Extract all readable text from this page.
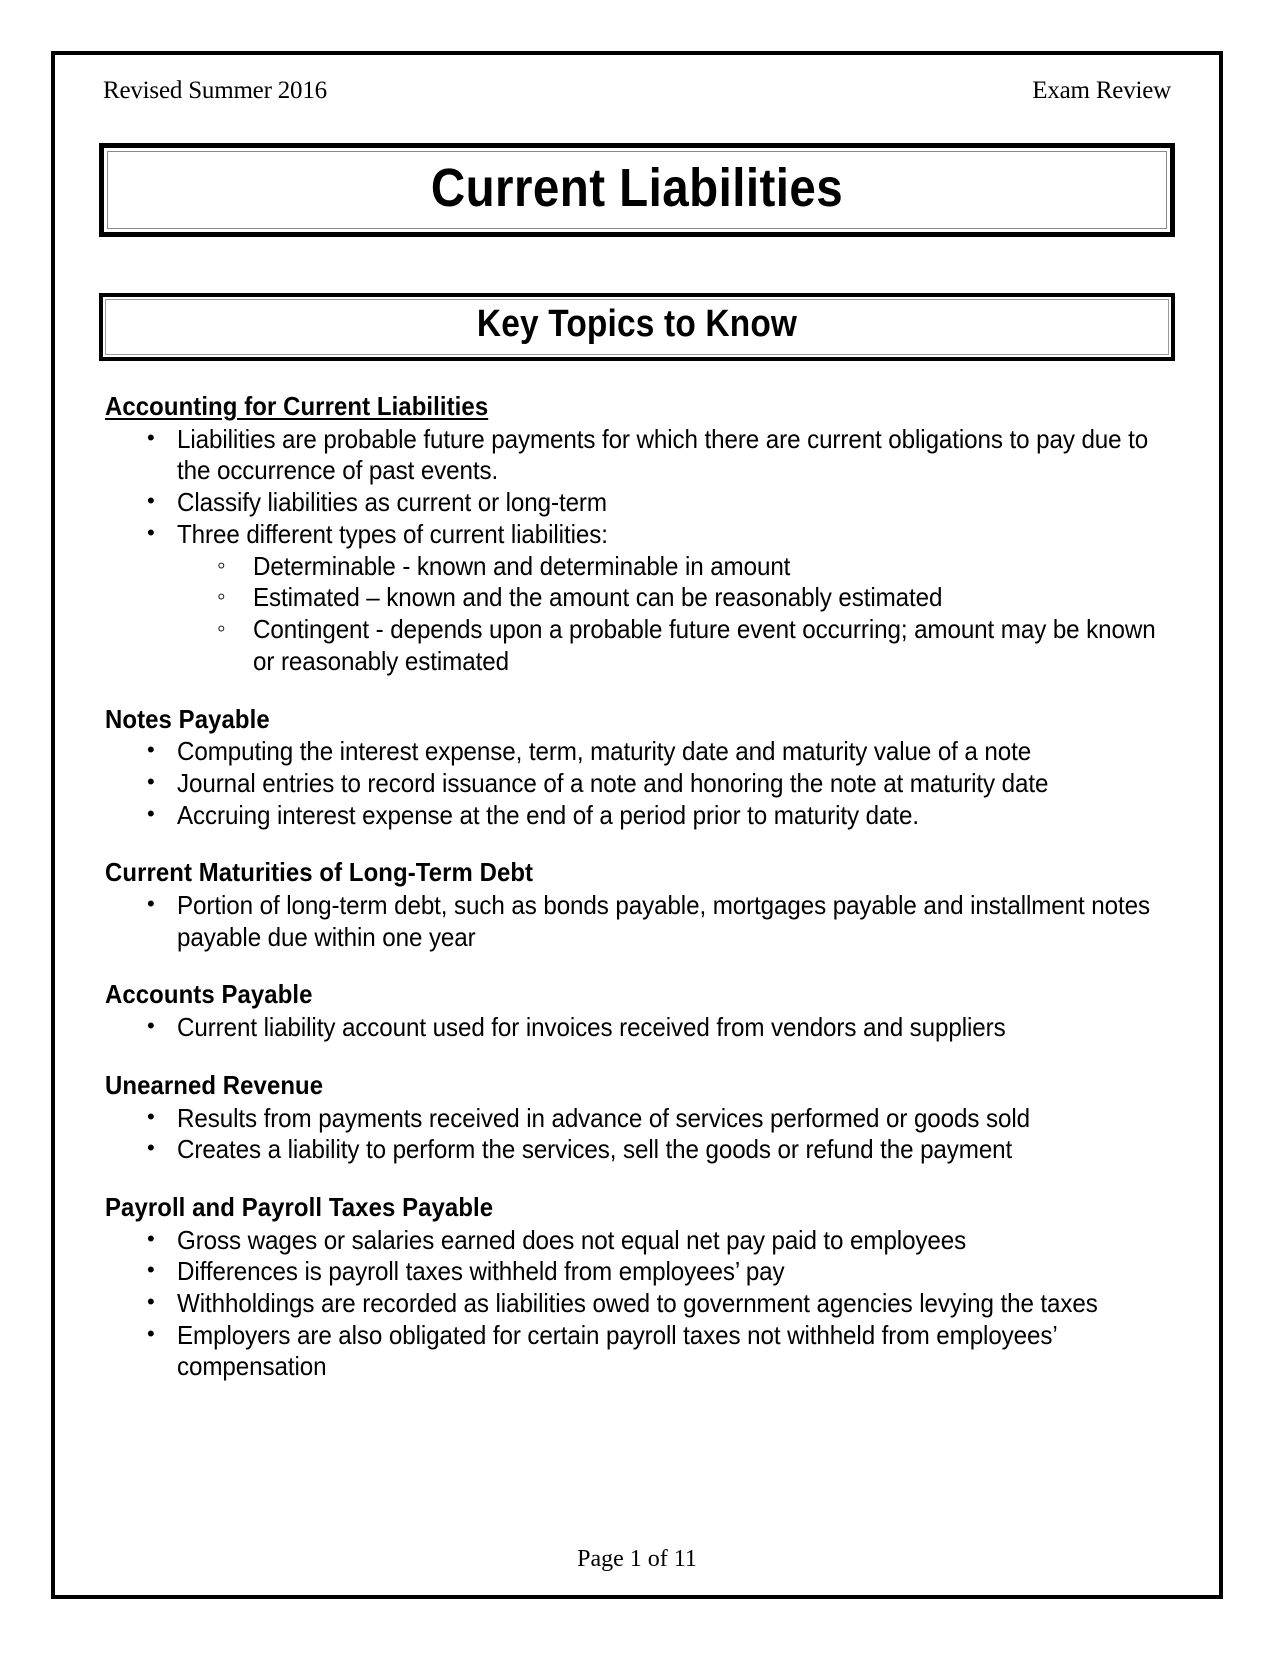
Revised Summer 2016	Exam Review
Current Liabilities
Key Topics to Know
Accounting for Current Liabilities
• Liabilities are probable future payments for which there are current obligations to pay due to the occurrence of past events.
• Classify liabilities as current or long-term
• Three different types of current liabilities:
◦ Determinable - known and determinable in amount
◦ Estimated – known and the amount can be reasonably estimated
◦ Contingent - depends upon a probable future event occurring; amount may be known or reasonably estimated
Notes Payable
• Computing the interest expense, term, maturity date and maturity value of a note
• Journal entries to record issuance of a note and honoring the note at maturity date
• Accruing interest expense at the end of a period prior to maturity date.
Current Maturities of Long-Term Debt
• Portion of long-term debt, such as bonds payable, mortgages payable and installment notes payable due within one year
Accounts Payable
• Current liability account used for invoices received from vendors and suppliers
Unearned Revenue
• Results from payments received in advance of services performed or goods sold
• Creates a liability to perform the services, sell the goods or refund the payment
Payroll and Payroll Taxes Payable
• Gross wages or salaries earned does not equal net pay paid to employees
• Differences is payroll taxes withheld from employees’ pay
• Withholdings are recorded as liabilities owed to government agencies levying the taxes
• Employers are also obligated for certain payroll taxes not withheld from employees’ compensation
Page 1 of 11
